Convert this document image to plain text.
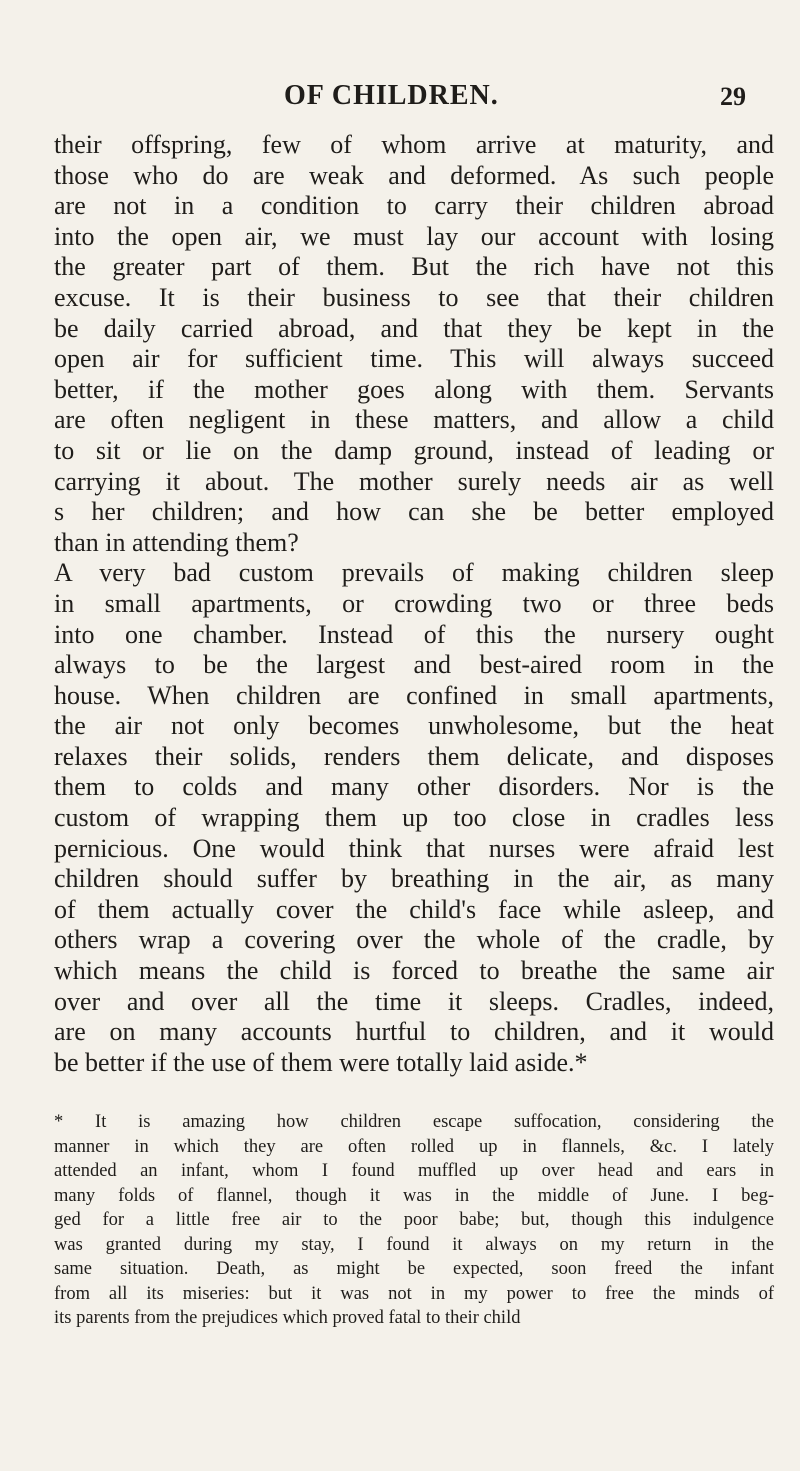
OF CHILDREN.	29
their offspring, few of whom arrive at maturity, and
those who do are weak and deformed. As such people
are not in a condition to carry their children abroad
into the open air, we must lay our account with losing
the greater part of them. But the rich have not this
excuse. It is their business to see that their children
be daily carried abroad, and that they be kept in the
open air for sufficient time. This will always succeed
better, if the mother goes along with them. Servants
are often negligent in these matters, and allow a child
to sit or lie on the damp ground, instead of leading or
carrying it about. The mother surely needs air as well
s her children; and how can she be better employed
than in attending them?
A very bad custom prevails of making children sleep
in small apartments, or crowding two or three beds
into one chamber. Instead of this the nursery ought
always to be the largest and best-aired room in the
house. When children are confined in small apartments,
the air not only becomes unwholesome, but the heat
relaxes their solids, renders them delicate, and disposes
them to colds and many other disorders. Nor is the
custom of wrapping them up too close in cradles less
pernicious. One would think that nurses were afraid lest
children should suffer by breathing in the air, as many
of them actually cover the child's face while asleep, and
others wrap a covering over the whole of the cradle, by
which means the child is forced to breathe the same air
over and over all the time it sleeps. Cradles, indeed,
are on many accounts hurtful to children, and it would
be better if the use of them were totally laid aside.*
* It is amazing how children escape suffocation, considering the
manner in which they are often rolled up in flannels, &c. I lately
attended an infant, whom I found muffled up over head and ears in
many folds of flannel, though it was in the middle of June. I beg-
ged for a little free air to the poor babe; but, though this indulgence
was granted during my stay, I found it always on my return in the
same situation. Death, as might be expected, soon freed the infant
from all its miseries: but it was not in my power to free the minds of
its parents from the prejudices which proved fatal to their child
